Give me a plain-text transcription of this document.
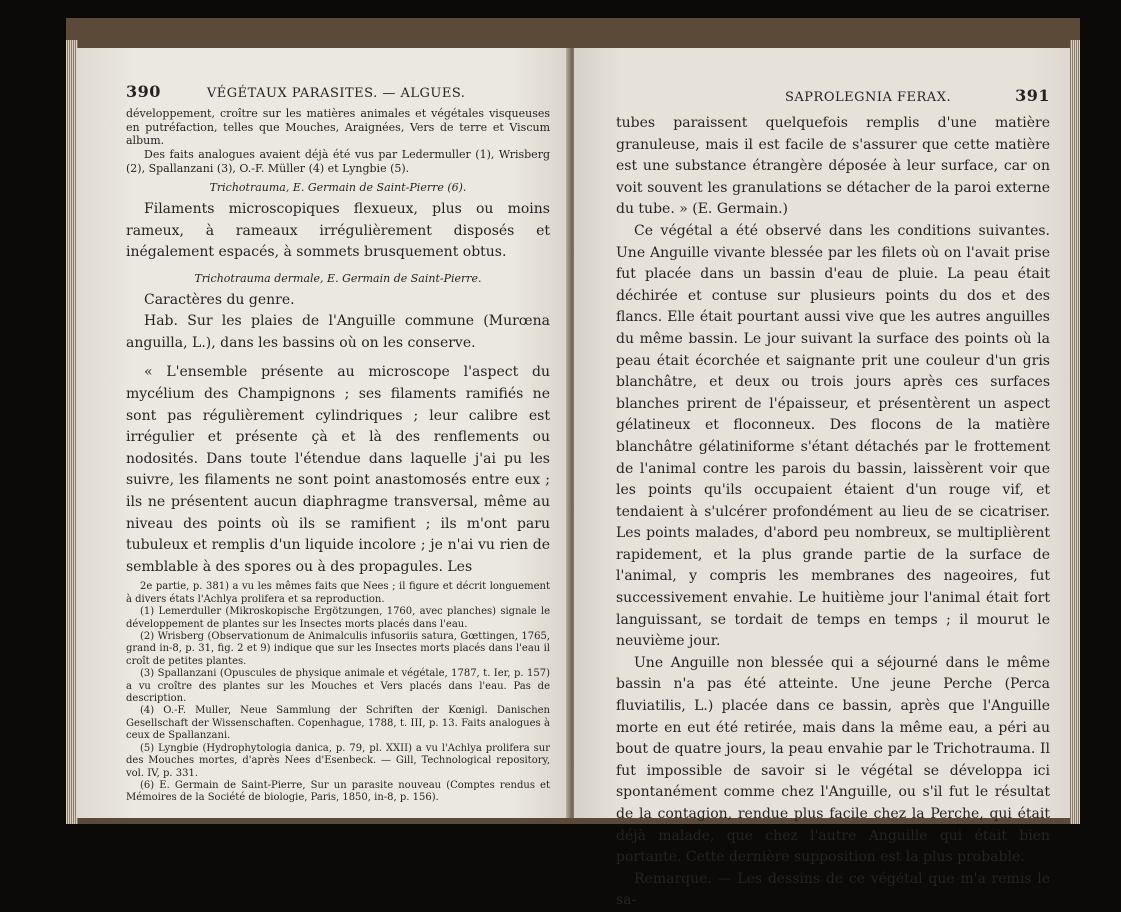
390	VÉGÉTAUX PARASITES. — ALGUES.

développement, croître sur les matières animales et végétales visqueuses en putréfaction, telles que Mouches, Araignées, Vers de terre et Viscum album.

Des faits analogues avaient déjà été vus par Ledermuller (1), Wrisberg (2), Spallanzani (3), O.-F. Müller (4) et Lyngbie (5).

Trichotrauma, E. Germain de Saint-Pierre (6).

Filaments microscopiques flexueux, plus ou moins rameux, à rameaux irrégulièrement disposés et inégalement espacés, à sommets brusquement obtus.

Trichotrauma dermale, E. Germain de Saint-Pierre.

Caractères du genre.

Hab. Sur les plaies de l'Anguille commune (Murœna anguilla, L.), dans les bassins où on les conserve.

« L'ensemble présente au microscope l'aspect du mycélium des Champignons ; ses filaments ramifiés ne sont pas régulièrement cylindriques ; leur calibre est irrégulier et présente çà et là des renflements ou nodosités. Dans toute l'étendue dans laquelle j'ai pu les suivre, les filaments ne sont point anastomosés entre eux ; ils ne présentent aucun diaphragme transversal, même au niveau des points où ils se ramifient ; ils m'ont paru tubuleux et remplis d'un liquide incolore ; je n'ai vu rien de semblable à des spores ou à des propagules. Les

2e partie, p. 381) a vu les mêmes faits que Nees ; il figure et décrit longuement à divers états l'Achlya prolifera et sa reproduction.

(1) Lemerduller (Mikroskopische Ergötzungen, 1760, avec planches) signale le développement de plantes sur les Insectes morts placés dans l'eau.

(2) Wrisberg (Observationum de Animalculis infusoriis satura, Gœttingen, 1765, grand in-8, p. 31, fig. 2 et 9) indique que sur les Insectes morts placés dans l'eau il croît de petites plantes.

(3) Spallanzani (Opuscules de physique animale et végétale, 1787, t. Ier, p. 157) a vu croître des plantes sur les Mouches et Vers placés dans l'eau. Pas de description.

(4) O.-F. Muller, Neue Sammlung der Schriften der Kœnigl. Danischen Gesellschaft der Wissenschaften. Copenhague, 1788, t. III, p. 13. Faits analogues à ceux de Spallanzani.

(5) Lyngbie (Hydrophytologia danica, p. 79, pl. XXII) a vu l'Achlya prolifera sur des Mouches mortes, d'après Nees d'Esenbeck. — Gill, Technological repository, vol. IV, p. 331.

(6) E. Germain de Saint-Pierre, Sur un parasite nouveau (Comptes rendus et Mémoires de la Société de biologie, Paris, 1850, in-8, p. 156).

SAPROLEGNIA FERAX.	391

tubes paraissent quelquefois remplis d'une matière granuleuse, mais il est facile de s'assurer que cette matière est une substance étrangère déposée à leur surface, car on voit souvent les granulations se détacher de la paroi externe du tube. » (E. Germain.)

Ce végétal a été observé dans les conditions suivantes. Une Anguille vivante blessée par les filets où on l'avait prise fut placée dans un bassin d'eau de pluie. La peau était déchirée et contuse sur plusieurs points du dos et des flancs. Elle était pourtant aussi vive que les autres anguilles du même bassin. Le jour suivant la surface des points où la peau était écorchée et saignante prit une couleur d'un gris blanchâtre, et deux ou trois jours après ces surfaces blanches prirent de l'épaisseur, et présentèrent un aspect gélatineux et floconneux. Des flocons de la matière blanchâtre gélatiniforme s'étant détachés par le frottement de l'animal contre les parois du bassin, laissèrent voir que les points qu'ils occupaient étaient d'un rouge vif, et tendaient à s'ulcérer profondément au lieu de se cicatriser. Les points malades, d'abord peu nombreux, se multiplièrent rapidement, et la plus grande partie de la surface de l'animal, y compris les membranes des nageoires, fut successivement envahie. Le huitième jour l'animal était fort languissant, se tordait de temps en temps ; il mourut le neuvième jour.

Une Anguille non blessée qui a séjourné dans le même bassin n'a pas été atteinte. Une jeune Perche (Perca fluviatilis, L.) placée dans ce bassin, après que l'Anguille morte en eut été retirée, mais dans la même eau, a péri au bout de quatre jours, la peau envahie par le Trichotrauma. Il fut impossible de savoir si le végétal se développa ici spontanément comme chez l'Anguille, ou s'il fut le résultat de la contagion, rendue plus facile chez la Perche, qui était déjà malade, que chez l'autre Anguille qui était bien portante. Cette dernière supposition est la plus probable.

Remarque. — Les dessins de ce végétal que m'a remis le sa-
